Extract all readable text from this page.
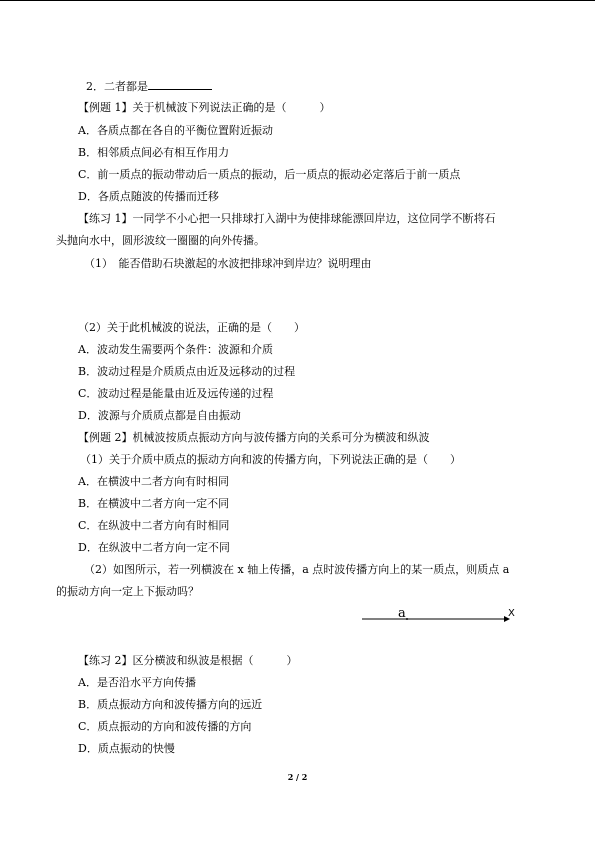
2．二者都是
【例题 1】关于机械波下列说法正确的是（　　　）
A．各质点都在各自的平衡位置附近振动
B．相邻质点间必有相互作用力
C．前一质点的振动带动后一质点的振动，后一质点的振动必定落后于前一质点
D．各质点随波的传播而迁移
【练习 1】一同学不小心把一只排球打入湖中为使排球能漂回岸边，这位同学不断将石
头抛向水中，圆形波纹一圈圈的向外传播。
（1）　能否借助石块激起的水波把排球冲到岸边？说明理由
（2）关于此机械波的说法，正确的是（　　）
A．波动发生需要两个条件：波源和介质
B．波动过程是介质质点由近及远移动的过程
C．波动过程是能量由近及远传递的过程
D．波源与介质质点都是自由振动
【例题 2】机械波按质点振动方向与波传播方向的关系可分为横波和纵波
（1）关于介质中质点的振动方向和波的传播方向，下列说法正确的是（　　）
A．在横波中二者方向有时相同
B．在横波中二者方向一定不同
C．在纵波中二者方向有时相同
D．在纵波中二者方向一定不同
（2）如图所示，若一列横波在 x 轴上传播，a 点时波传播方向上的某一质点，则质点 a
的振动方向一定上下振动吗？
a	X
【练习 2】区分横波和纵波是根据（　　　）
A．是否沿水平方向传播
B．质点振动方向和波传播方向的远近
C．质点振动的方向和波传播的方向
D．质点振动的快慢
2 / 2
